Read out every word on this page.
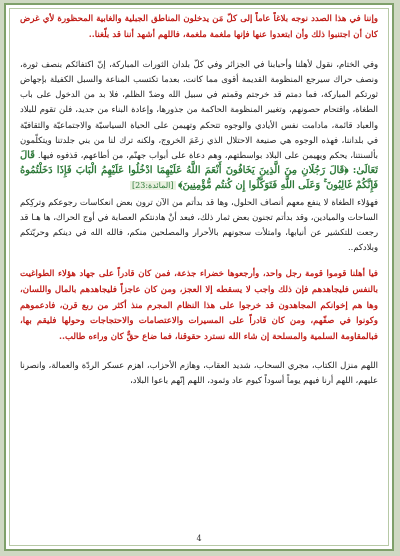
وإننا في هذا الصدد نوجه بلاغاً عاماً إلى كلّ مَن يدخلون المناطق الجبلية والغابية المحظورة لأي غرض كان أن اجتنبوا ذلك وأن ابتعدوا عنها فإنها ملغمة ملغمة، فاللهم أشهد أننا قد بلّغنا..

وفي الختام، نقول لأهلنا وأحبابنا في الجزائر وفي كلّ بلدان الثورات المباركة، إنّ اكتفائكم بنصف ثورة، ونصف حراك سيرجع المنظومة القديمة أقوى مما كانت، بعدما تكتسب المناعة والسبل الكفيلة بإجهاض ثورتكم المباركة، فما دمتم قد خرجتم وقمتم في سبيل الله وضدّ الظلم، فلا بد من الدخول على باب الطغاة، واقتحام حصونهم، وتغيير المنظومة الحاكمة من جذورها، وإعادة البناء من جديد، فلن تقوم للبلاد والعباد قائمة، مادامت نفس الأيادي والوجوه تتحكم وتهيمن على الحياة السياسيّة والاجتماعيّة والثقافيّة في بلداننا، فهذه الوجوه هي صنيعة الاحتلال الذي زعَمَ الخروج، ولكنه ترك لنا من بني جلدتنا ويتكلّمون بألسنتنا، يحكم ويهيمن على البلاد بواسطتهم، وهم دعاة على أبواب جهنّم، من أطاعهم، قذفوه فيها. قَالَ تَعَالَىٰ: ﴿قَالَ رَجُلَانِ مِنَ الَّذِينَ يَخَافُونَ أَنْعَمَ اللَّهُ عَلَيْهِمَا ادْخُلُوا عَلَيْهِمُ الْبَابَ فَإِذَا دَخَلْتُمُوهُ فَإِنَّكُمْ غَالِبُونَ ۚ وَعَلَى اللَّهِ فَتَوَكَّلُوا إِن كُنتُم مُّؤْمِنِينَ﴾ [المائدة:23]

فهؤلاء الطغاة لا ينفع معهم أنصاف الحلول، وها قد بدأتم من الآن ترون بعض انعكاسات رجوعكم وتركِكم الساحات والميادين، وقد بدأتم تجنون بعض ثمار ذلك، فبعد أنْ هادنتكم العصابة في أوج الحراك، ها هـا قد رجعت للتكشير عن أنيابها، وامتلأت سجونهم بالأحرار والمصلحين منكم، فالله الله في دينكم وحريّتكم وبلادكم..

فيا أهلنا قوموا قومة رجل واحد، وأرجعوها خضراء جذعة، فمن كان قادراً على جهاد هؤلاء الطواغيت بالنفس فليجاهدهم فإن ذلك واجب لا يسقطه إلا العجز، ومن كان عاجزاً فليجاهدهم بالمال واللسان، وها هم إخوانكم المجاهدون قد خرجوا على هذا النظام المجرم منذ أكثر من ربع قرن، فادعموهم وكونوا في صفّهم، ومن كان قادراً على المسيرات والاعتصامات والاحتجاجات وحولها فليقم بها، فبالمقاومة السلمية والمسلحة إن شاء الله نسترد حقوقنا، فما ضاع حقٌّ كان وراءه طالب..

اللهم منزل الكتاب، مجري السحاب، شديد العقاب، وهازم الأحزاب، اهزم عسكر الردّة والعمالة، وانصرنا عليهم، اللهم أرنا فيهم يوماً أسوداً كيوم عاد وثمود، اللهم إنّهم باعوا البلاد،

4
